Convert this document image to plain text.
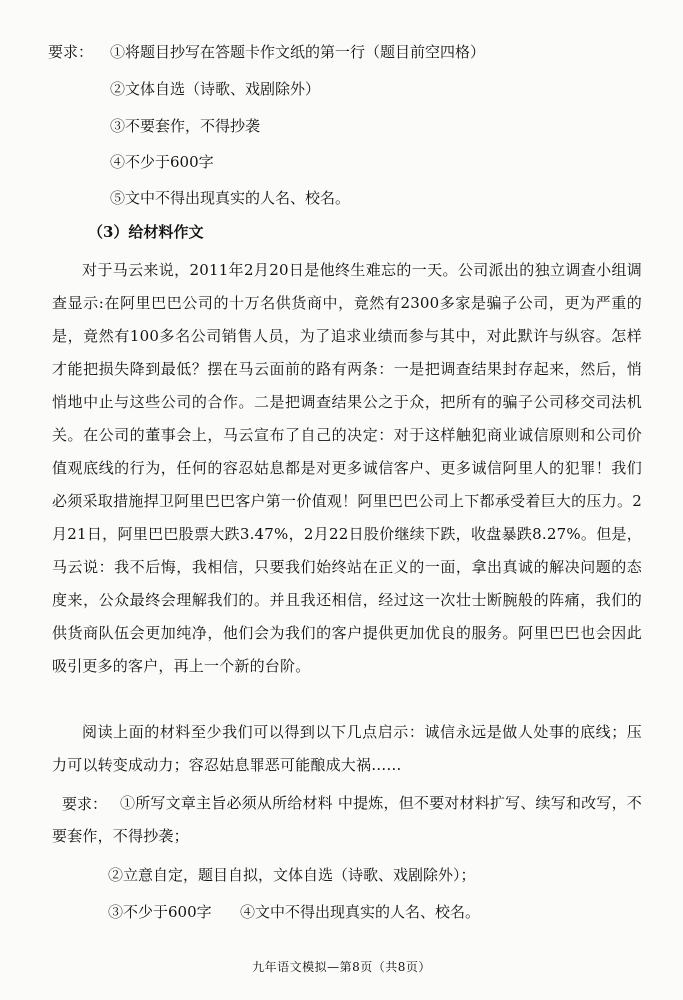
要求： ①将题目抄写在答题卡作文纸的第一行（题目前空四格）
②文体自选（诗歌、戏剧除外）
③不要套作，不得抄袭
④不少于600字
⑤文中不得出现真实的人名、校名。
（3）给材料作文
对于马云来说，2011年2月20日是他终生难忘的一天。公司派出的独立调查小组调查显示:在阿里巴巴公司的十万名供货商中，竟然有2300多家是骗子公司，更为严重的是，竟然有100多名公司销售人员，为了追求业绩而参与其中，对此默许与纵容。怎样才能把损失降到最低？摆在马云面前的路有两条：一是把调查结果封存起来，然后，悄悄地中止与这些公司的合作。二是把调查结果公之于众，把所有的骗子公司移交司法机关。在公司的董事会上，马云宣布了自己的决定：对于这样触犯商业诚信原则和公司价值观底线的行为，任何的容忍姑息都是对更多诚信客户、更多诚信阿里人的犯罪！我们必须采取措施捍卫阿里巴巴客户第一价值观！阿里巴巴公司上下都承受着巨大的压力。2月21日，阿里巴巴股票大跌3.47%，2月22日股价继续下跌，收盘暴跌8.27%。但是，马云说：我不后悔，我相信，只要我们始终站在正义的一面，拿出真诚的解决问题的态度来，公众最终会理解我们的。并且我还相信，经过这一次壮士断腕般的阵痛，我们的供货商队伍会更加纯净，他们会为我们的客户提供更加优良的服务。阿里巴巴也会因此吸引更多的客户，再上一个新的台阶。
阅读上面的材料至少我们可以得到以下几点启示：诚信永远是做人处事的底线；压力可以转变成动力；容忍姑息罪恶可能酿成大祸……
要求： ①所写文章主旨必须从所给材料 中提炼，但不要对材料扩写、续写和改写，不要套作，不得抄袭；
②立意自定，题目自拟，文体自选（诗歌、戏剧除外）；
③不少于600字 ④文中不得出现真实的人名、校名。
九年语文模拟—第8页（共8页）
